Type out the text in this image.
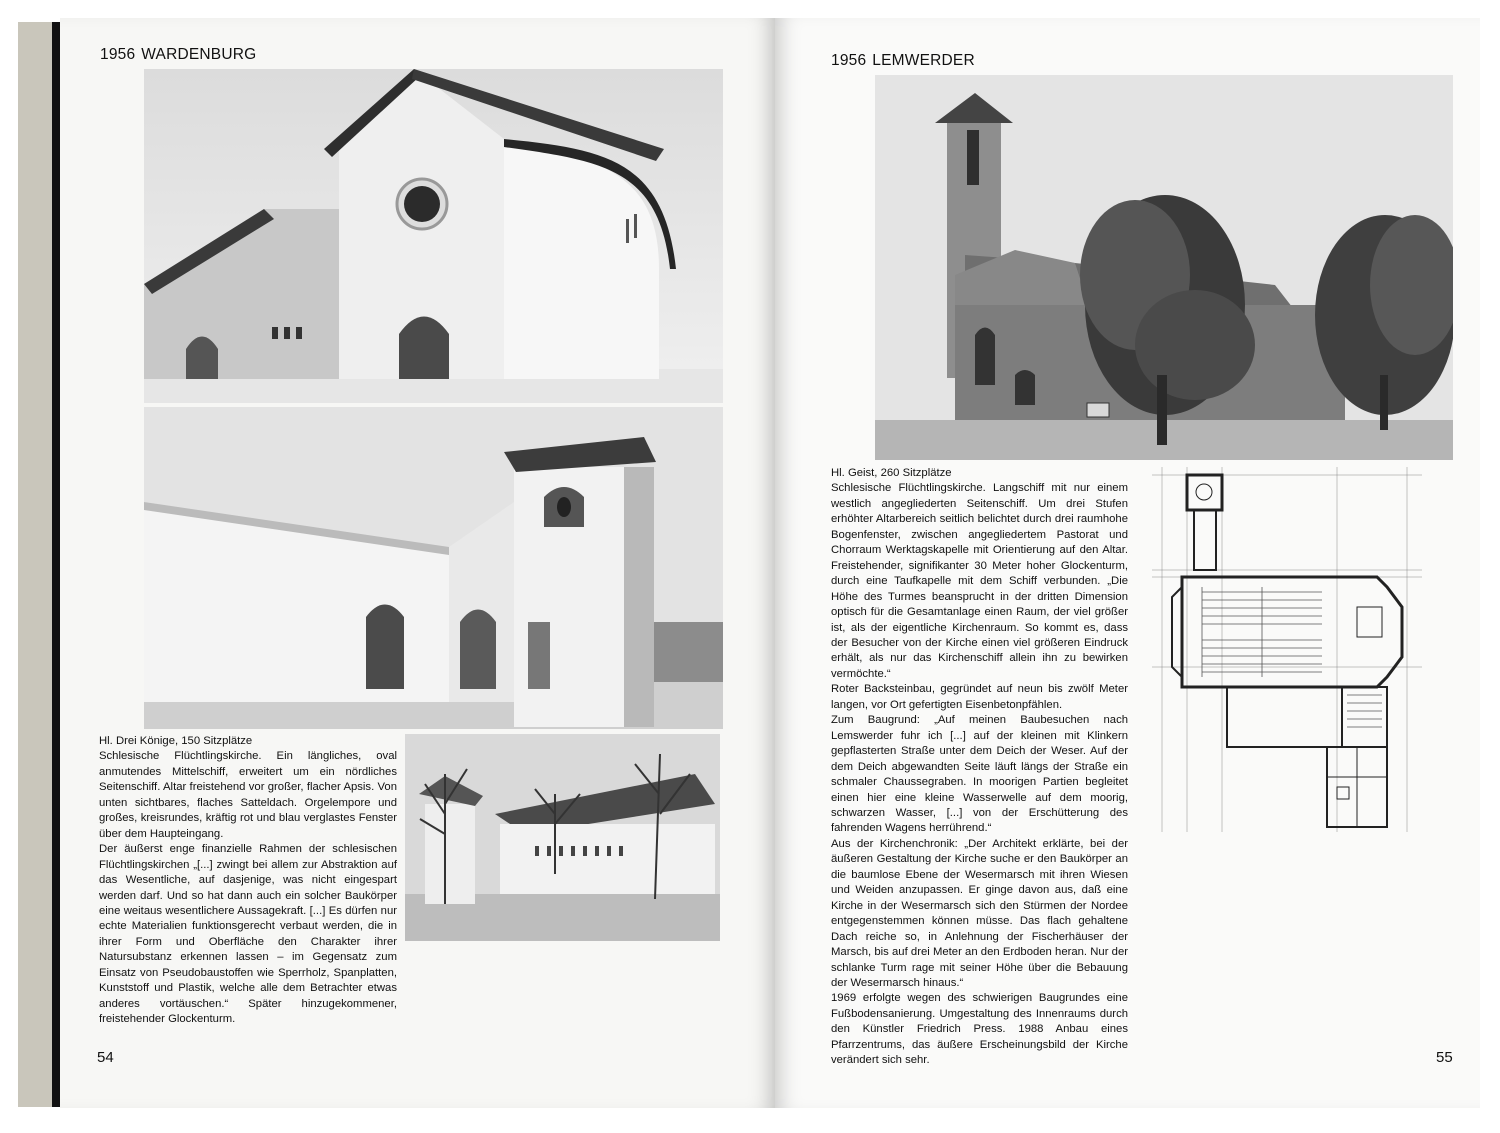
1956 WARDENBURG

Hl. Drei Könige, 150 Sitzplätze

Schlesische Flüchtlingskirche. Ein längliches, oval anmutendes Mittelschiff, erweitert um ein nördliches Seitenschiff. Altar freistehend vor großer, flacher Apsis. Von unten sichtbares, flaches Satteldach. Orgelempore und großes, kreisrundes, kräftig rot und blau verglastes Fenster über dem Haupteingang.

Der äußerst enge finanzielle Rahmen der schlesischen Flüchtlingskirchen „[...] zwingt bei allem zur Abstraktion auf das Wesentliche, auf dasjenige, was nicht eingespart werden darf. Und so hat dann auch ein solcher Baukörper eine weitaus wesentlichere Aussagekraft. [...] Es dürfen nur echte Materialien funktionsgerecht verbaut werden, die in ihrer Form und Oberfläche den Charakter ihrer Natursubstanz erkennen lassen – im Gegensatz zum Einsatz von Pseudobaustoffen wie Sperrholz, Spanplatten, Kunststoff und Plastik, welche alle dem Betrachter etwas anderes vortäuschen.“ Später hinzugekommener, freistehender Glockenturm.

54
1956 LEMWERDER

Hl. Geist, 260 Sitzplätze

Schlesische Flüchtlingskirche. Langschiff mit nur einem westlich angegliederten Seitenschiff. Um drei Stufen erhöhter Altarbereich seitlich belichtet durch drei raumhohe Bogenfenster, zwischen angegliedertem Pastorat und Chorraum Werktagskapelle mit Orientierung auf den Altar. Freistehender, signifikanter 30 Meter hoher Glockenturm, durch eine Taufkapelle mit dem Schiff verbunden. „Die Höhe des Turmes beansprucht in der dritten Dimension optisch für die Gesamtanlage einen Raum, der viel größer ist, als der eigentliche Kirchenraum. So kommt es, dass der Besucher von der Kirche einen viel größeren Eindruck erhält, als nur das Kirchenschiff allein ihn zu bewirken vermöchte.“

Roter Backsteinbau, gegründet auf neun bis zwölf Meter langen, vor Ort gefertigten Eisenbetonpfählen.

Zum Baugrund: „Auf meinen Baubesuchen nach Lemswerder fuhr ich [...] auf der kleinen mit Klinkern gepflasterten Straße unter dem Deich der Weser. Auf der dem Deich abgewandten Seite läuft längs der Straße ein schmaler Chaussegraben. In moorigen Partien begleitet einen hier eine kleine Wasserwelle auf dem moorig, schwarzen Wasser, [...] von der Erschütterung des fahrenden Wagens herrührend.“

Aus der Kirchenchronik: „Der Architekt erklärte, bei der äußeren Gestaltung der Kirche suche er den Baukörper an die baumlose Ebene der Wesermarsch mit ihren Wiesen und Weiden anzupassen. Er ginge davon aus, daß eine Kirche in der Wesermarsch sich den Stürmen der Nordee entgegenstemmen können müsse. Das flach gehaltene Dach reiche so, in Anlehnung der Fischerhäuser der Marsch, bis auf drei Meter an den Erdboden heran. Nur der schlanke Turm rage mit seiner Höhe über die Bebauung der Wesermarsch hinaus.“

1969 erfolgte wegen des schwierigen Baugrundes eine Fußbodensanierung. Umgestaltung des Innenraums durch den Künstler Friedrich Press. 1988 Anbau eines Pfarrzentrums, das äußere Erscheinungsbild der Kirche verändert sich sehr.	55
